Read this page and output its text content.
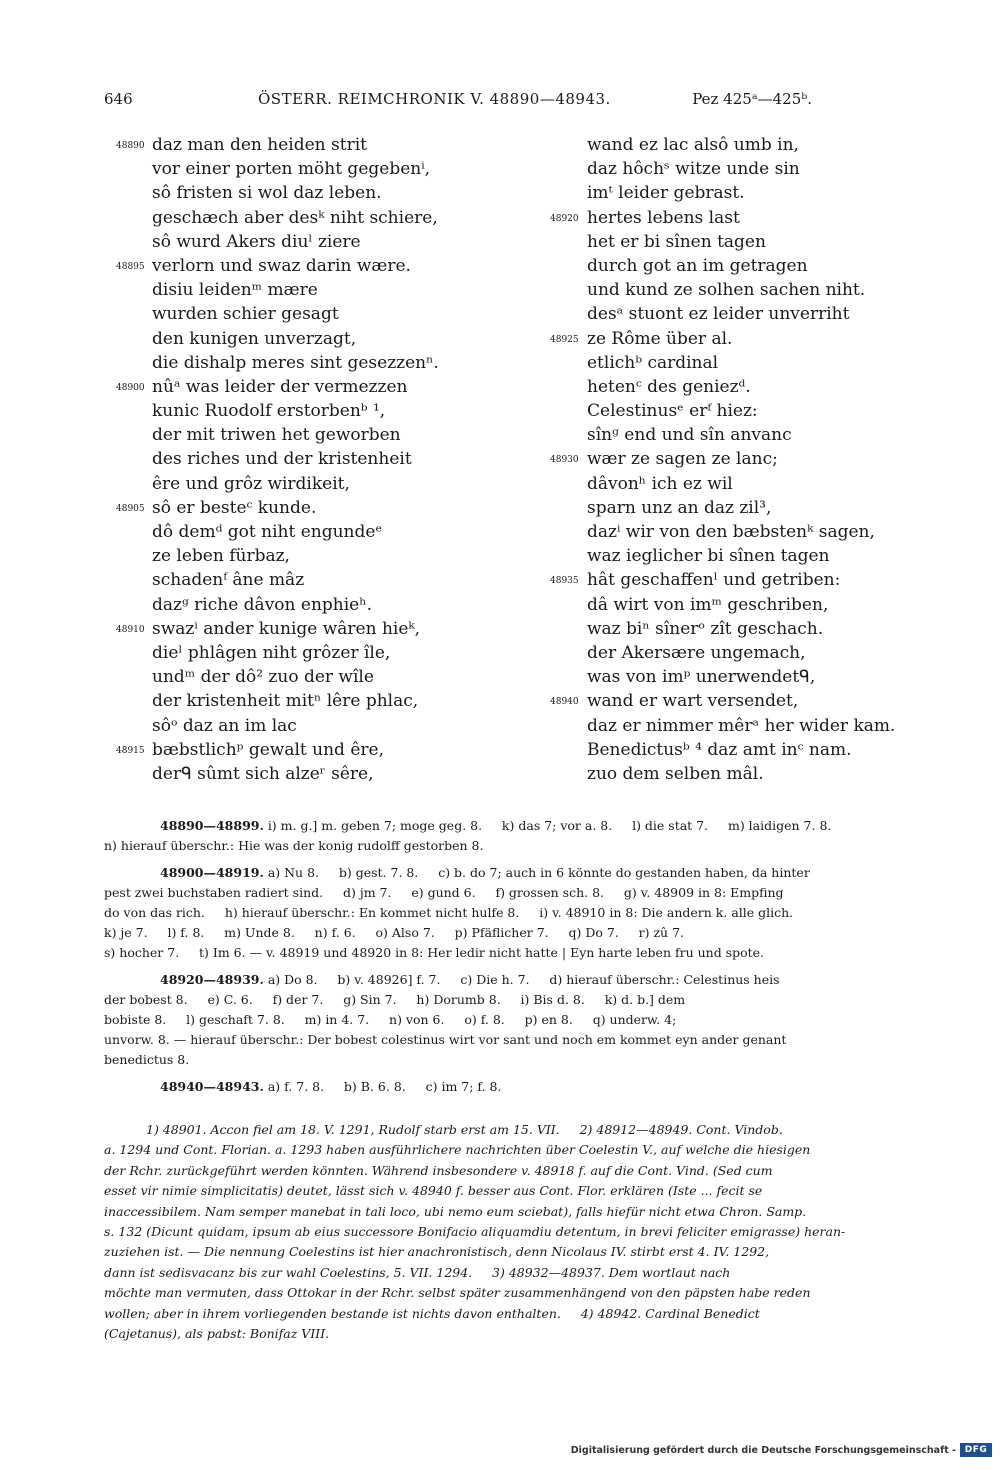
646	ÖSTERR. REIMCHRONIK V. 48890—48943.	Pez 425ᵃ—425ᵇ.
48890 daz man den heiden strit
vor einer porten möht gegebenⁱ,
sô fristen si wol daz leben.
geschæch aber desᵏ niht schiere,
sô wurd Akers diuˡ ziere
48895 verlorn und swaz darin wære.
disiu leidenᵐ mære
wurden schier gesagt
den kunigen unverzagt,
die dishalp meres sint gesezzenⁿ.
48900 nûᵃ was leider der vermezzen
kunic Ruodolf erstorbenᵇ ¹,
der mit triwen het geworben
des riches und der kristenheit
êre und grôz wirdikeit,
48905 sô er besteᶜ kunde.
dô demᵈ got niht engundeᵉ
ze leben fürbaz,
schadenᶠ âne mâz
dazᵍ riche dâvon enphieʰ.
48910 swazⁱ ander kunige wâren hieᵏ,
dieˡ phlâgen niht grôzer île,
undᵐ der dô² zuo der wîle
der kristenheit mitⁿ lêre phlac,
sôᵒ daz an im lac
48915 bæbstlichᵖ gewalt und êre,
derᑫ sûmt sich alzeʳ sêre,
wand ez lac alsô umb in,
daz hôchˢ witze unde sin
imᵗ leider gebrast.
48920 hertes lebens last
het er bi sînen tagen
durch got an im getragen
und kund ze solhen sachen niht.
desᵃ stuont ez leider unverriht
48925 ze Rôme über al.
etlichᵇ cardinal
hetenᶜ des geniezᵈ.
Celestinusᵉ erᶠ hiez:
sînᵍ end und sîn anvanc
48930 wær ze sagen ze lanc;
dâvonʰ ich ez wil
sparn unz an daz zil³,
dazⁱ wir von den bæbstenᵏ sagen,
waz ieglicher bi sînen tagen
48935 hât geschaffenˡ und getriben:
dâ wirt von imᵐ geschriben,
waz biⁿ sînerᵒ zît geschach.
der Akersære ungemach,
was von imᵖ unerwendetᑫ,
48940 wand er wart versendet,
daz er nimmer mêrᵃ her wider kam.
Benedictusᵇ ⁴ daz amt inᶜ nam.
zuo dem selben mâl.
48890—48899. i) m. g.] m. geben 7; moge geg. 8.     k) das 7; vor a. 8.     l) die stat 7.     m) laidigen 7. 8.
n) hierauf überschr.: Hie was der konig rudolff gestorben 8.
48900—48919. a) Nu 8.     b) gest. 7. 8.     c) b. do 7; auch in 6 könnte do gestanden haben, da hinter
pest zwei buchstaben radiert sind.     d) jm 7.     e) gund 6.     f) grossen sch. 8.     g) v. 48909 in 8: Empfing
do von das rich.     h) hierauf überschr.: En kommet nicht hulfe 8.     i) v. 48910 in 8: Die andern k. alle glich.
k) je 7.     l) f. 8.     m) Unde 8.     n) f. 6.     o) Also 7.     p) Pfäflicher 7.     q) Do 7.     r) zû 7.
s) hocher 7.     t) Im 6. — v. 48919 und 48920 in 8: Her ledir nicht hatte | Eyn harte leben fru und spote.
48920—48939. a) Do 8.     b) v. 48926] f. 7.     c) Die h. 7.     d) hierauf überschr.: Celestinus heis
der bobest 8.     e) C. 6.     f) der 7.     g) Sin 7.     h) Dorumb 8.     i) Bis d. 8.     k) d. b.] dem
bobiste 8.     l) geschaft 7. 8.     m) in 4. 7.     n) von 6.     o) f. 8.     p) en 8.     q) underw. 4;
unvorw. 8. — hierauf überschr.: Der bobest colestinus wirt vor sant und noch em kommet eyn ander genant
benedictus 8.
48940—48943. a) f. 7. 8.     b) B. 6. 8.     c) im 7; f. 8.
1) 48901. Accon fiel am 18. V. 1291, Rudolf starb erst am 15. VII.     2) 48912—48949. Cont. Vindob.
a. 1294 und Cont. Florian. a. 1293 haben ausführlichere nachrichten über Coelestin V., auf welche die hiesigen
der Rchr. zurückgeführt werden könnten. Während insbesondere v. 48918 f. auf die Cont. Vind. (Sed cum
esset vir nimie simplicitatis) deutet, lässt sich v. 48940 f. besser aus Cont. Flor. erklären (Iste ... fecit se
inaccessibilem. Nam semper manebat in tali loco, ubi nemo eum sciebat), falls hiefür nicht etwa Chron. Samp.
s. 132 (Dicunt quidam, ipsum ab eius successore Bonifacio aliquamdiu detentum, in brevi feliciter emigrasse) heran-
zuziehen ist. — Die nennung Coelestins ist hier anachronistisch, denn Nicolaus IV. stirbt erst 4. IV. 1292,
dann ist sedisvacanz bis zur wahl Coelestins, 5. VII. 1294.     3) 48932—48937. Dem wortlaut nach
möchte man vermuten, dass Ottokar in der Rchr. selbst später zusammenhängend von den päpsten habe reden
wollen; aber in ihrem vorliegenden bestande ist nichts davon enthalten.     4) 48942. Cardinal Benedict
(Cajetanus), als pabst: Bonifaz VIII.
Digitalisierung gefördert durch die Deutsche Forschungsgemeinschaft - DFG
